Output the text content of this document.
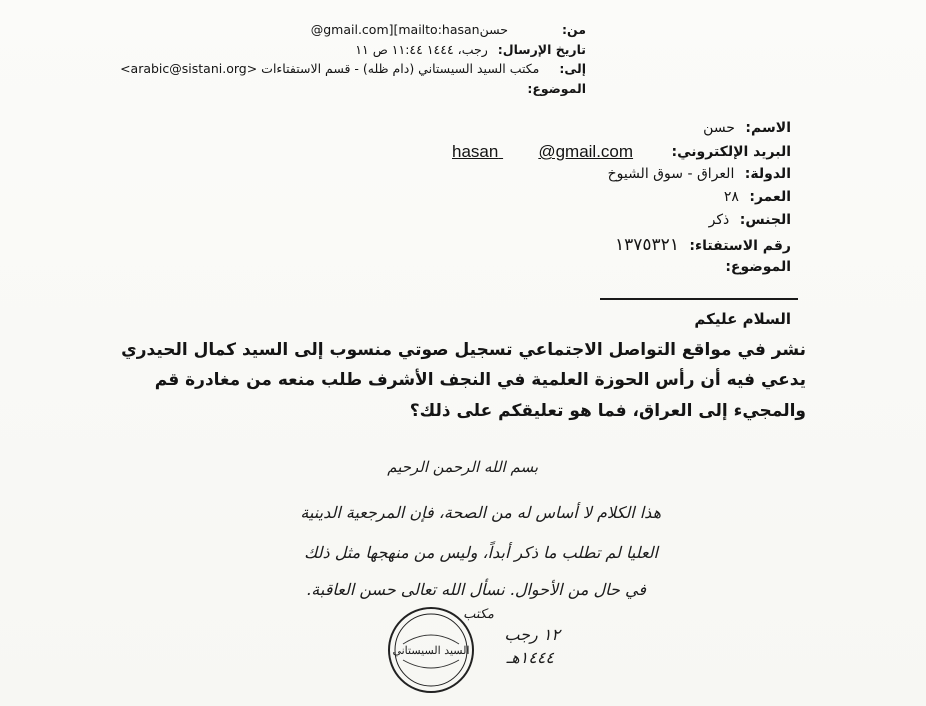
من: حسن[mailto:hasan@gmail.com]
تاريخ الإرسال: رجب، ١٤٤٤ ١١:٤٤ ص ١١
إلى: مكتب السيد السيستاني (دام ظله) - قسم الاستفتاءات <arabic@sistani.org>
الموضوع:
الاسم: حسن
البريد الإلكتروني:
hasan @gmail.com
الدولة: العراق - سوق الشيوخ
العمر: ٢٨
الجنس: ذكر
رقم الاستفتاء: ١٣٧٥٣٢١
الموضوع:
السلام عليكم
نشر في مواقع التواصل الاجتماعي تسجيل صوتي منسوب إلى السيد كمال الحيدري
يدعي فيه أن رأس الحوزة العلمية في النجف الأشرف طلب منعه من مغادرة قم
والمجيء إلى العراق، فما هو تعليقكم على ذلك؟
بسم الله الرحمن الرحيم
هذا الكلام لا أساس له من الصحة، فإن المرجعية الدينية
العليا لم تطلب ما ذكر أبداً، وليس من منهجها مثل ذلك
في حال من الأحوال. نسأل الله تعالى حسن العاقبة.
مكتب
١٢ رجب
١٤٤٤هـ
السيد السيستاني
